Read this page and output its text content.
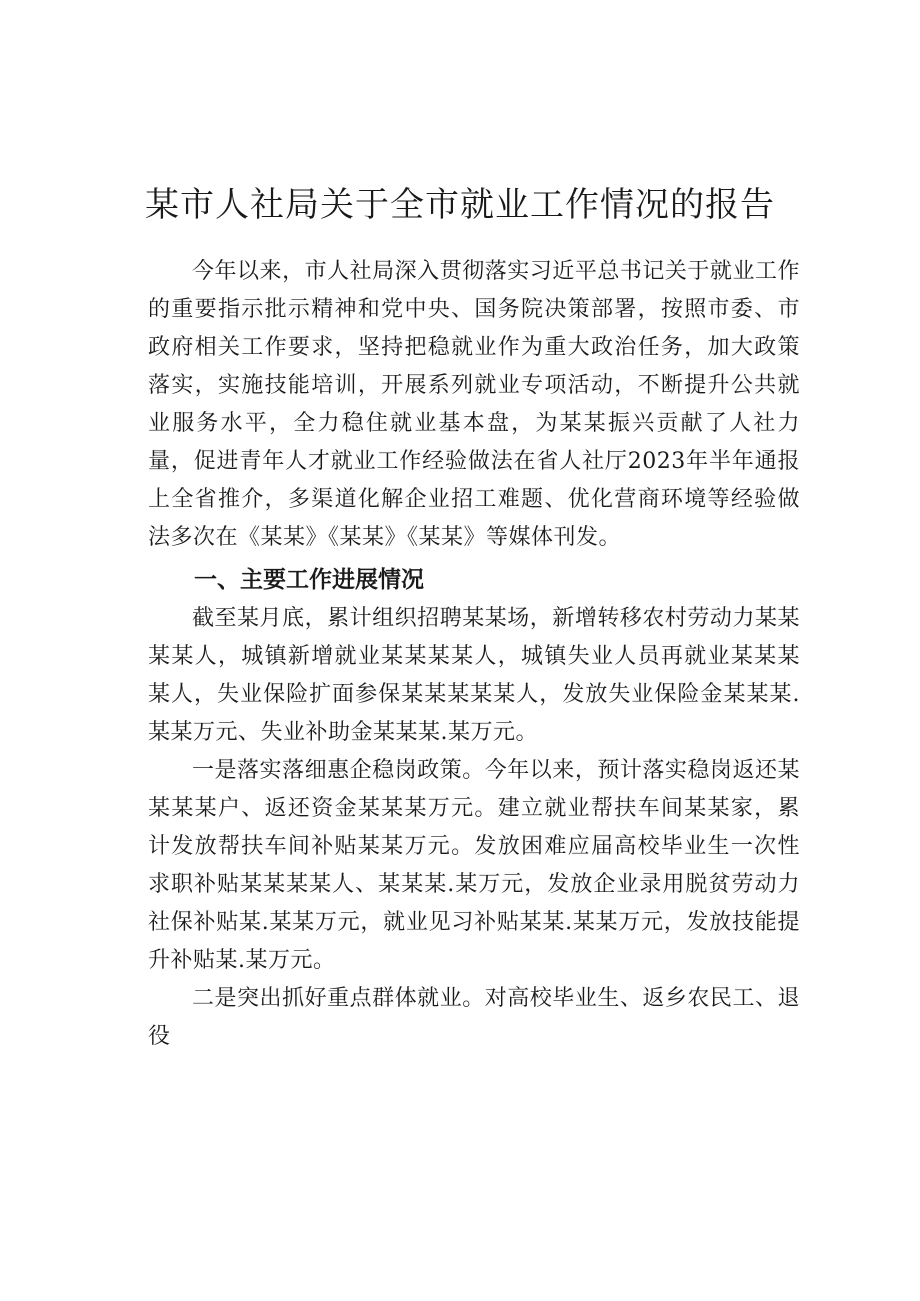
某市人社局关于全市就业工作情况的报告

今年以来，市人社局深入贯彻落实习近平总书记关于就业工作的重要指示批示精神和党中央、国务院决策部署，按照市委、市政府相关工作要求，坚持把稳就业作为重大政治任务，加大政策落实，实施技能培训，开展系列就业专项活动，不断提升公共就业服务水平，全力稳住就业基本盘，为某某振兴贡献了人社力量，促进青年人才就业工作经验做法在省人社厅2023年半年通报上全省推介，多渠道化解企业招工难题、优化营商环境等经验做法多次在《某某》《某某》《某某》等媒体刊发。

一、主要工作进展情况

截至某月底，累计组织招聘某某场，新增转移农村劳动力某某某某人，城镇新增就业某某某某人，城镇失业人员再就业某某某某人，失业保险扩面参保某某某某某人，发放失业保险金某某某.某某万元、失业补助金某某某.某万元。

一是落实落细惠企稳岗政策。今年以来，预计落实稳岗返还某某某某户、返还资金某某某万元。建立就业帮扶车间某某家，累计发放帮扶车间补贴某某万元。发放困难应届高校毕业生一次性求职补贴某某某某人、某某某.某万元，发放企业录用脱贫劳动力社保补贴某.某某万元，就业见习补贴某某.某某万元，发放技能提升补贴某.某万元。

二是突出抓好重点群体就业。对高校毕业生、返乡农民工、退役
